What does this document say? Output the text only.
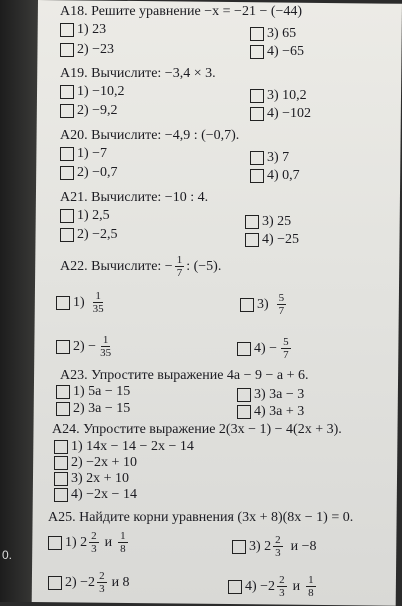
0.
А18. Решите уравнение −x = −21 − (−44)
1) 23	3) 65
2) −23	4) −65
А19. Вычислите: −3,4 × 3.
1) −10,2	3) 10,2
2) −9,2	4) −102
А20. Вычислите: −4,9 : (−0,7).
1) −7	3) 7
2) −0,7	4) 0,7
А21. Вычислите: −10 : 4.
1) 2,5	3) 25
2) −2,5	4) −25
А22. Вычислите: − $\frac{1}{7}$ : (−5).
$1) \frac{1}{35}$	$3) \frac{5}{7}$
$2) - \frac{1}{35}$	$4) - \frac{5}{7}$
А23. Упростите выражение 4a − 9 − a + 6.
1) 5a − 15	3) 3a − 3
2) 3a − 15	4) 3a + 3
А24. Упростите выражение 2(3x − 1) − 4(2x + 3).
1) 14x − 14 − 2x − 14
2) −2x + 10
3) 2x + 10
4) −2x − 14
А25. Найдите корни уравнения (3x + 8)(8x − 1) = 0.
1) $2 \frac{2}{3}$ и $\frac{1}{8}$	3) $2 \frac{2}{3}$ и −8
$2) -2 \frac{2}{3}$ и 8	$4) -2 \frac{2}{3}$ и $\frac{1}{8}$
